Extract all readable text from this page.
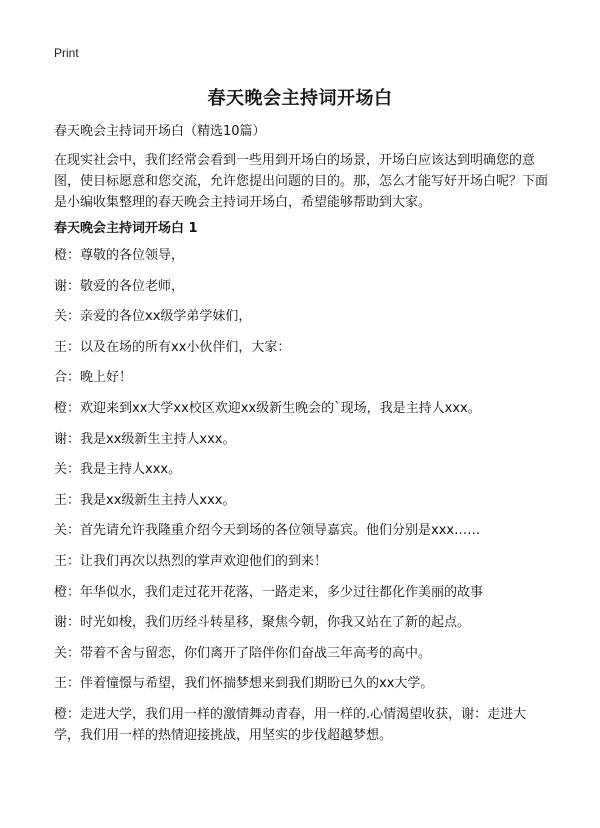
Print
春天晚会主持词开场白
春天晚会主持词开场白（精选10篇）
在现实社会中，我们经常会看到一些用到开场白的场景，开场白应该达到明确您的意图，使目标愿意和您交流，允许您提出问题的目的。那，怎么才能写好开场白呢？下面是小编收集整理的春天晚会主持词开场白，希望能够帮助到大家。
春天晚会主持词开场白 1
橙：尊敬的各位领导，
谢：敬爱的各位老师，
关：亲爱的各位xx级学弟学妹们，
王：以及在场的所有xx小伙伴们，大家：
合：晚上好！
橙：欢迎来到xx大学xx校区欢迎xx级新生晚会的`现场，我是主持人xxx。
谢：我是xx级新生主持人xxx。
关：我是主持人xxx。
王：我是xx级新生主持人xxx。
关：首先请允许我隆重介绍今天到场的各位领导嘉宾。他们分别是xxx……
王：让我们再次以热烈的掌声欢迎他们的到来！
橙：年华似水，我们走过花开花落，一路走来，多少过往都化作美丽的故事
谢：时光如梭，我们历经斗转星移，聚焦今朝，你我又站在了新的起点。
关：带着不舍与留恋，你们离开了陪伴你们奋战三年高考的高中。
王：伴着憧憬与希望，我们怀揣梦想来到我们期盼已久的xx大学。
橙：走进大学，我们用一样的激情舞动青春，用一样的.心情渴望收获，谢：走进大学，我们用一样的热情迎接挑战，用坚实的步伐超越梦想。
